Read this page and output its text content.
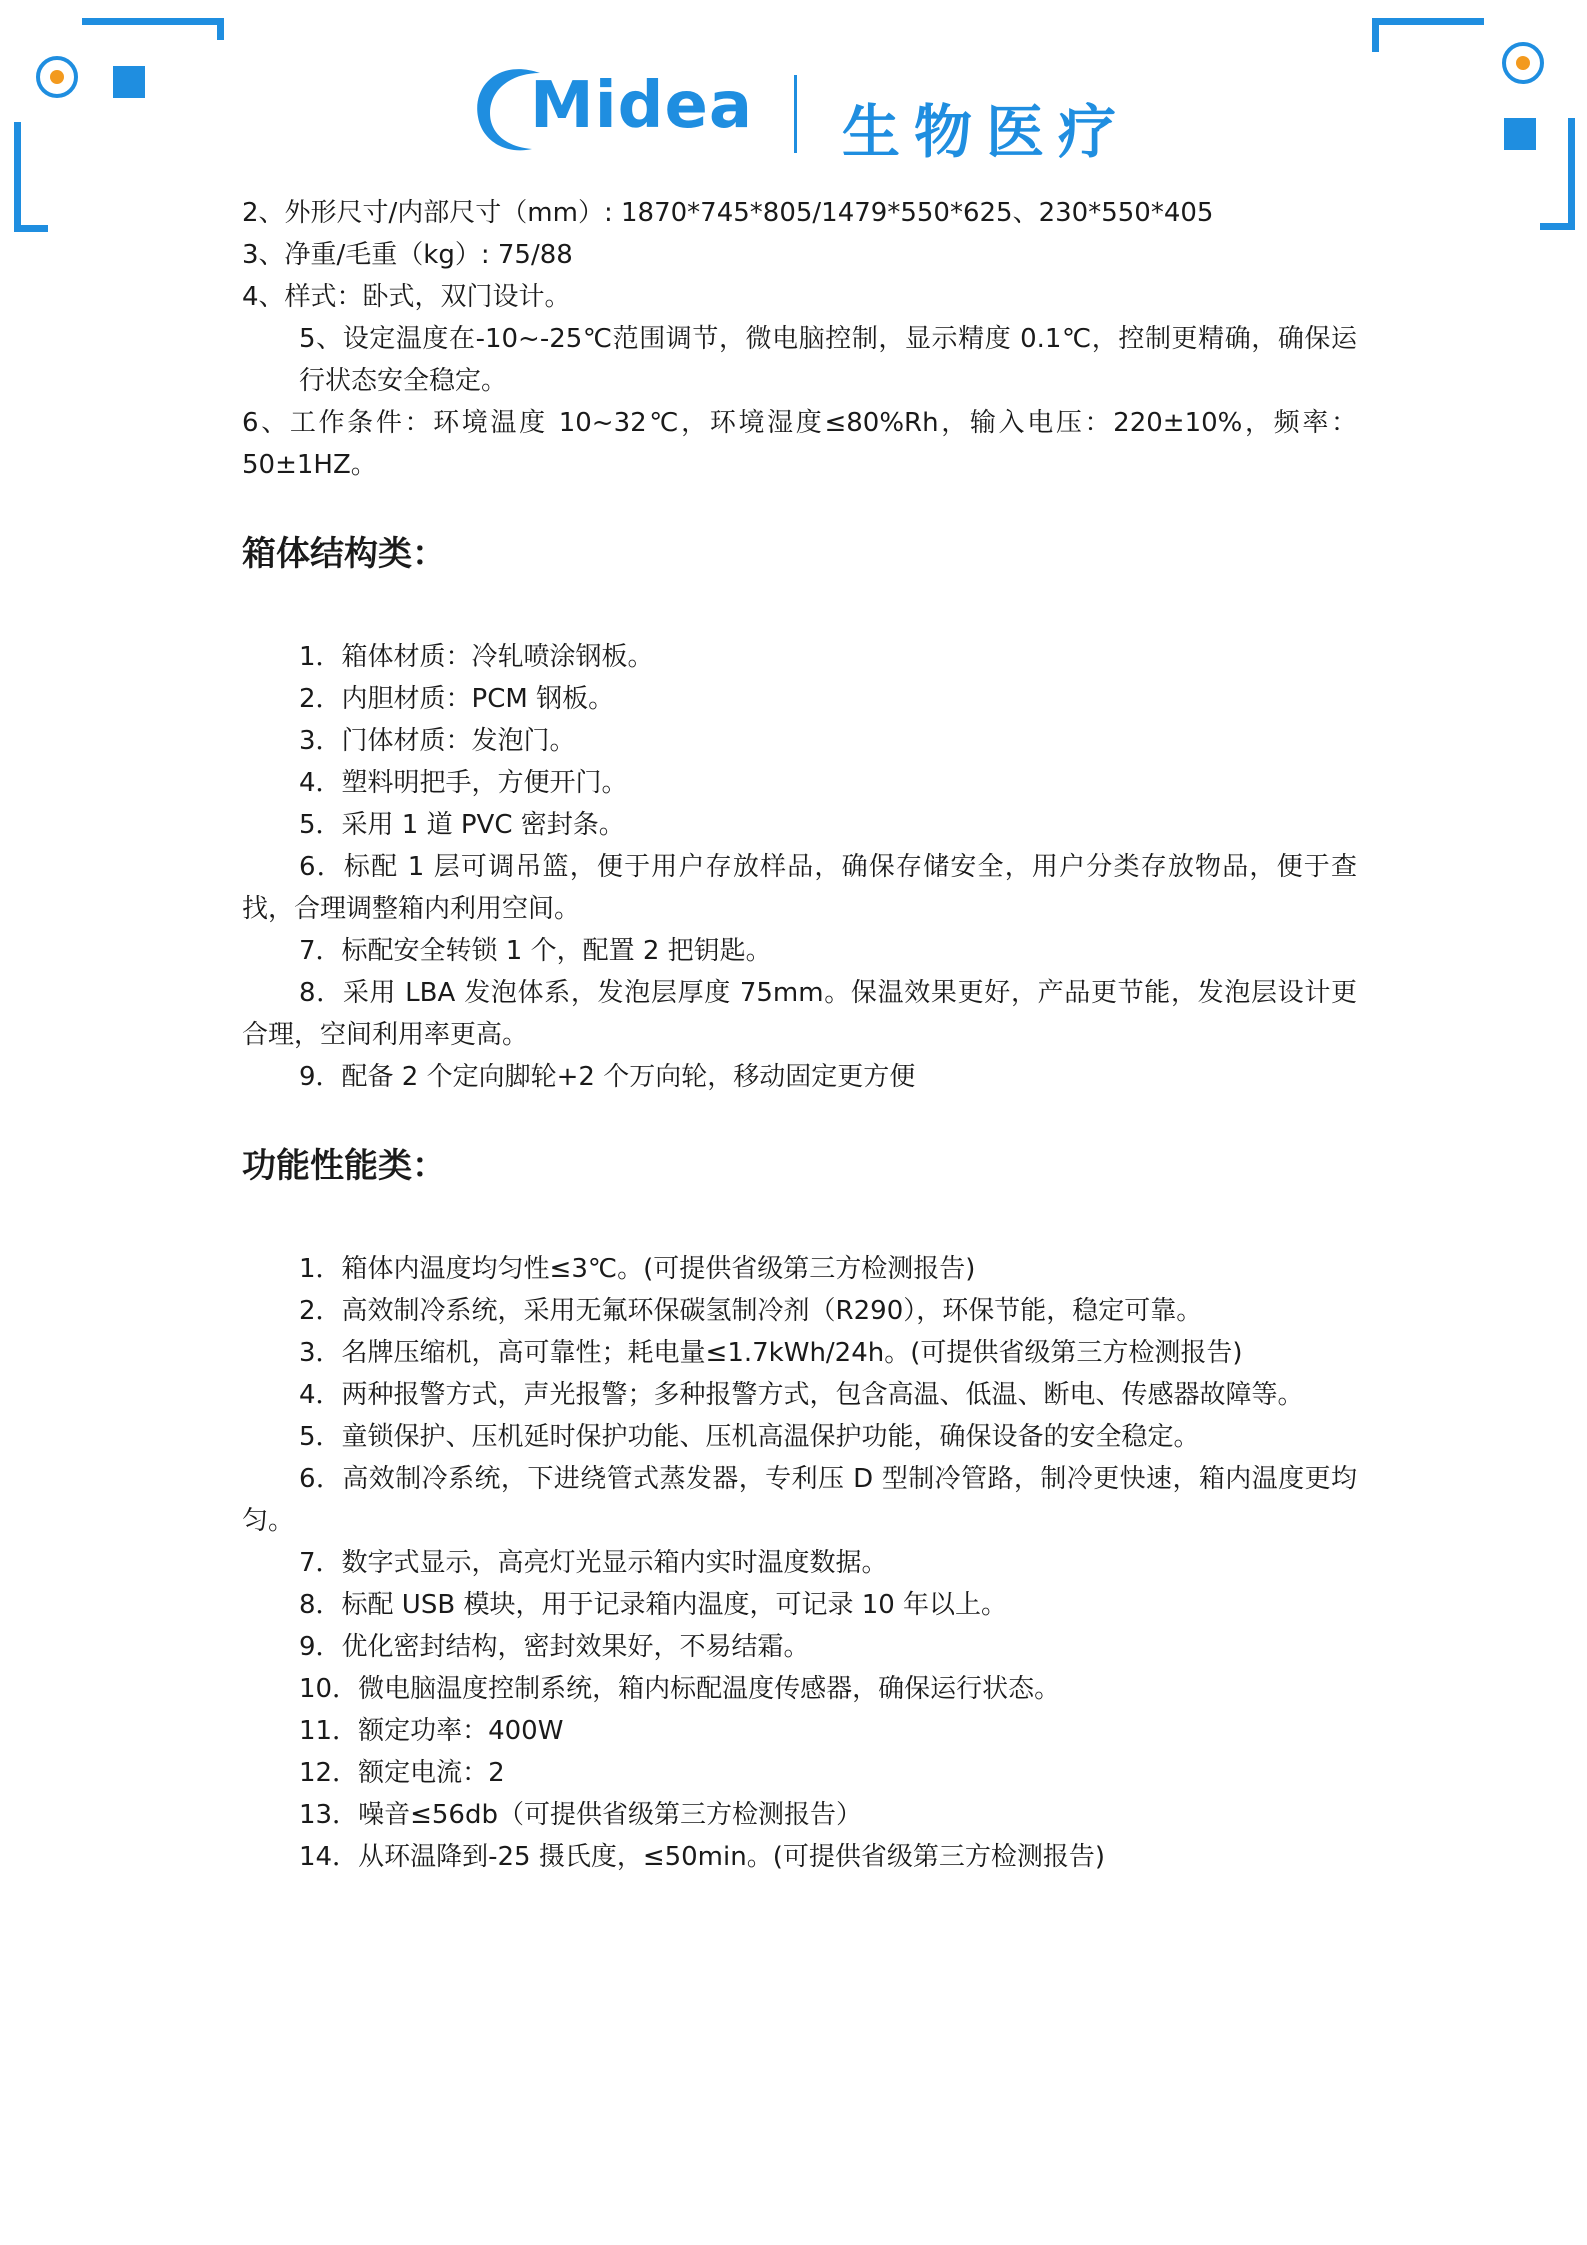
Midea 生物医疗
2、外形尺寸/内部尺寸（mm）: 1870*745*805/1479*550*625、230*550*405
3、净重/毛重（kg）: 75/88
4、样式：卧式，双门设计。
5、设定温度在-10~-25℃范围调节，微电脑控制，显示精度 0.1℃，控制更精确，确保运行状态安全稳定。
6、工作条件：环境温度 10~32℃，环境湿度≤80%Rh，输入电压：220±10%，频率：50±1HZ。
箱体结构类：
1．箱体材质：冷轧喷涂钢板。
2．内胆材质：PCM 钢板。
3．门体材质：发泡门。
4．塑料明把手，方便开门。
5．采用 1 道 PVC 密封条。
6．标配 1 层可调吊篮，便于用户存放样品，确保存储安全，用户分类存放物品，便于查找，合理调整箱内利用空间。
7．标配安全转锁 1 个，配置 2 把钥匙。
8．采用 LBA 发泡体系，发泡层厚度 75mm。保温效果更好，产品更节能，发泡层设计更合理，空间利用率更高。
9．配备 2 个定向脚轮+2 个万向轮，移动固定更方便
功能性能类：
1．箱体内温度均匀性≤3℃。(可提供省级第三方检测报告)
2．高效制冷系统，采用无氟环保碳氢制冷剂（R290），环保节能，稳定可靠。
3．名牌压缩机，高可靠性；耗电量≤1.7kWh/24h。(可提供省级第三方检测报告)
4．两种报警方式，声光报警；多种报警方式，包含高温、低温、断电、传感器故障等。
5．童锁保护、压机延时保护功能、压机高温保护功能，确保设备的安全稳定。
6．高效制冷系统，下进绕管式蒸发器，专利压 D 型制冷管路，制冷更快速，箱内温度更均匀。
7．数字式显示，高亮灯光显示箱内实时温度数据。
8．标配 USB 模块，用于记录箱内温度，可记录 10 年以上。
9．优化密封结构，密封效果好，不易结霜。
10．微电脑温度控制系统，箱内标配温度传感器，确保运行状态。
11．额定功率：400W
12．额定电流：2
13．噪音≤56db（可提供省级第三方检测报告）
14．从环温降到-25 摄氏度，≤50min。(可提供省级第三方检测报告)
